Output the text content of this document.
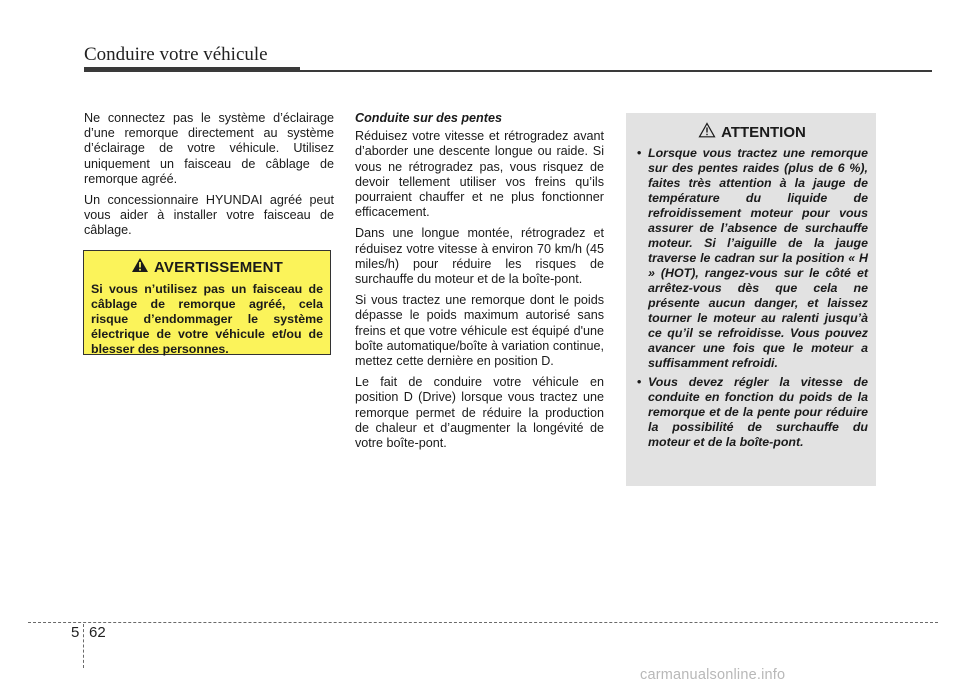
Conduire votre véhicule

Ne connectez pas le système d’éclairage d’une remorque directement au système d’éclairage de votre véhicule. Utilisez uniquement un faisceau de câblage de remorque agréé.

Un concessionnaire HYUNDAI agréé peut vous aider à installer votre faisceau de câblage.

AVERTISSEMENT
Si vous n’utilisez pas un faisceau de câblage de remorque agréé, cela risque d’endommager le système électrique de votre véhicule et/ou de blesser des personnes.
Conduite sur des pentes

Réduisez votre vitesse et rétrogradez avant d’aborder une descente longue ou raide. Si vous ne rétrogradez pas, vous risquez de devoir tellement utiliser vos freins qu’ils pourraient chauffer et ne plus fonctionner efficacement.

Dans une longue montée, rétrogradez et réduisez votre vitesse à environ 70 km/h (45 miles/h) pour réduire les risques de surchauffe du moteur et de la boîte-pont.

Si vous tractez une remorque dont le poids dépasse le poids maximum autorisé sans freins et que votre véhicule est équipé d'une boîte automatique/boîte à variation continue, mettez cette dernière en position D.

Le fait de conduire votre véhicule en position D (Drive) lorsque vous tractez une remorque permet de réduire la production de chaleur et d’augmenter la longévité de votre boîte-pont.

ATTENTION
• Lorsque vous tractez une remorque sur des pentes raides (plus de 6 %), faites très attention à la jauge de température du liquide de refroidissement moteur pour vous assurer de l’absence de surchauffe moteur. Si l’aiguille de la jauge traverse le cadran sur la position « H » (HOT), rangez-vous sur le côté et arrêtez-vous dès que cela ne présente aucun danger, et laissez tourner le moteur au ralenti jusqu’à ce qu’il se refroidisse. Vous pouvez avancer une fois que le moteur a suffisamment refroidi.
• Vous devez régler la vitesse de conduite en fonction du poids de la remorque et de la pente pour réduire la possibilité de surchauffe du moteur et de la boîte-pont.
5 62
carmanualsonline.info
